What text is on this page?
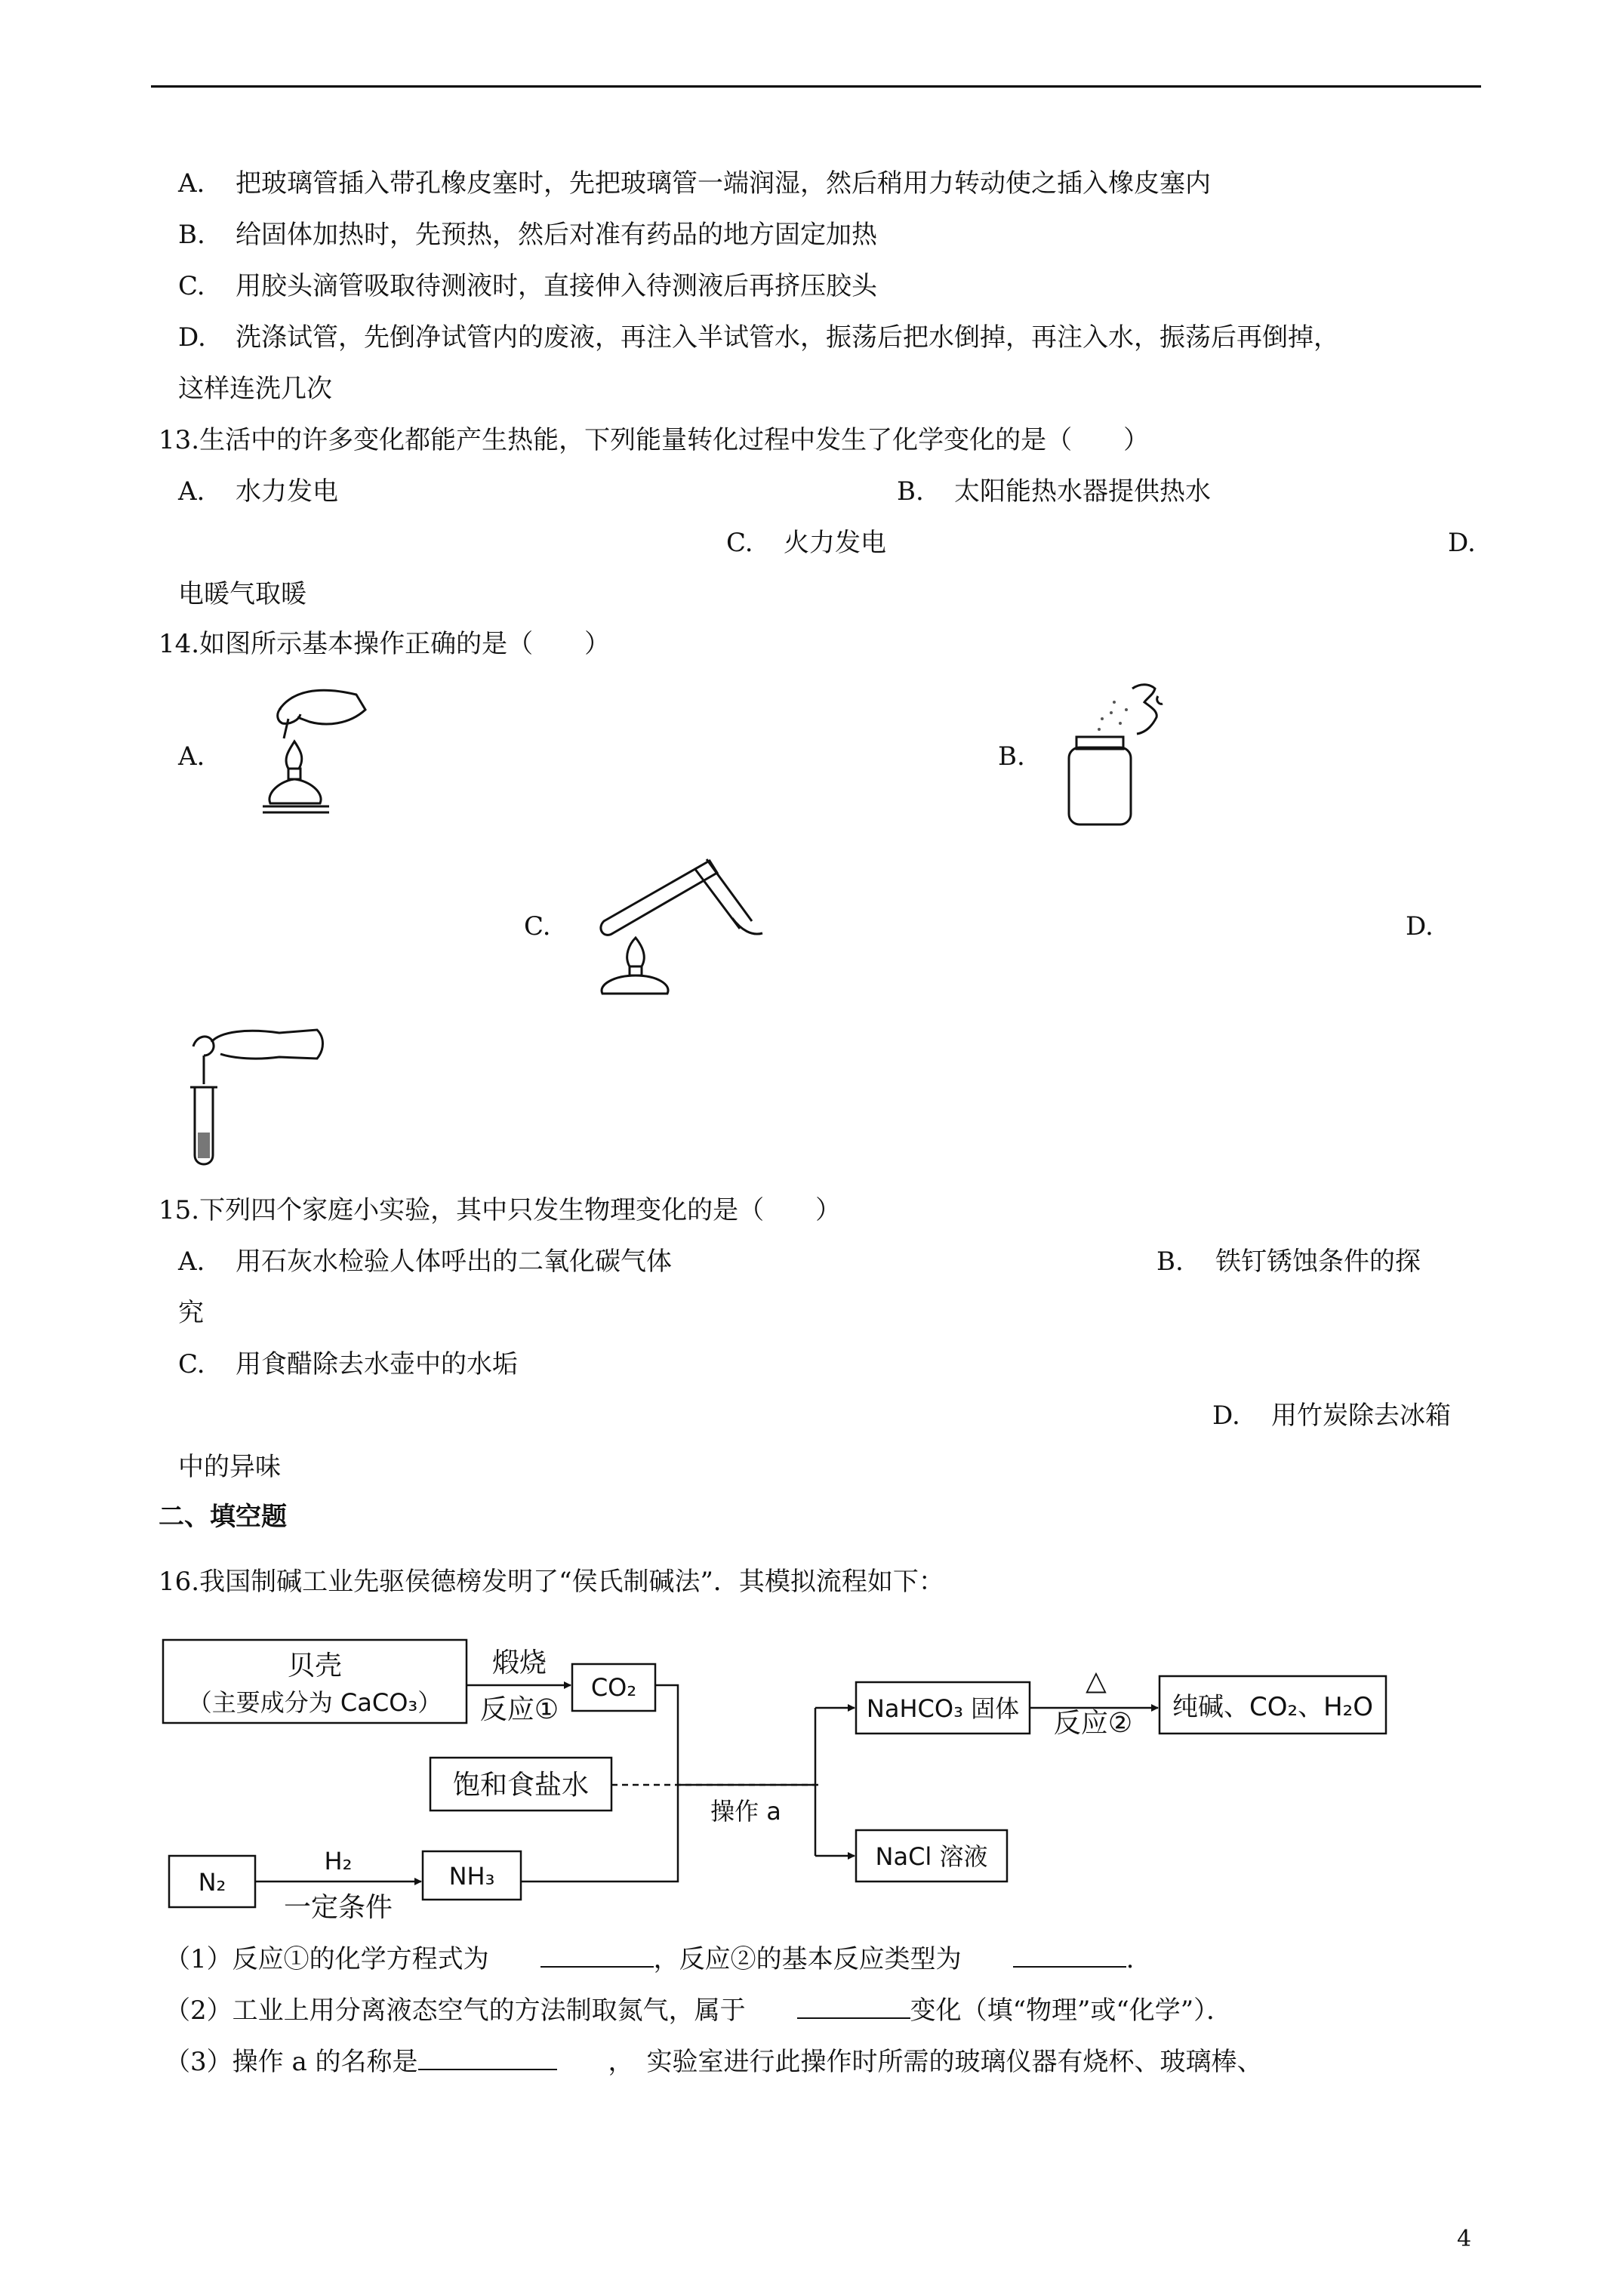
A. 把玻璃管插入带孔橡皮塞时，先把玻璃管一端润湿，然后稍用力转动使之插入橡皮塞内
B. 给固体加热时，先预热，然后对准有药品的地方固定加热
C. 用胶头滴管吸取待测液时，直接伸入待测液后再挤压胶头
D. 洗涤试管，先倒净试管内的废液，再注入半试管水，振荡后把水倒掉，再注入水，振荡后再倒掉，
这样连洗几次
13.生活中的许多变化都能产生热能，下列能量转化过程中发生了化学变化的是（　　）
A. 水力发电	B. 太阳能热水器提供热水
C. 火力发电	D.
电暖气取暖
14.如图所示基本操作正确的是（　　）
A.	B.
C.	D.
15.下列四个家庭小实验，其中只发生物理变化的是（　　）
A. 用石灰水检验人体呼出的二氧化碳气体	B. 铁钉锈蚀条件的探
究
C. 用食醋除去水壶中的水垢
D. 用竹炭除去冰箱
中的异味
二、填空题
16.我国制碱工业先驱侯德榜发明了“侯氏制碱法”．其模拟流程如下：
贝壳
（主要成分为 CaCO₃）
煅烧
反应①
CO₂
饱和食盐水
操作 a
NaHCO₃ 固体
△
反应②
纯碱、CO₂、H₂O
NaCl 溶液
N₂
H₂
一定条件
NH₃
（1）反应①的化学方程式为　　	，反应②的基本反应类型为　　	.
（2）工业上用分离液态空气的方法制取氮气，属于　　	变化（填“物理”或“化学”）．
（3）操作 a 的名称是　　	，　实验室进行此操作时所需的玻璃仪器有烧杯、玻璃棒、
4
